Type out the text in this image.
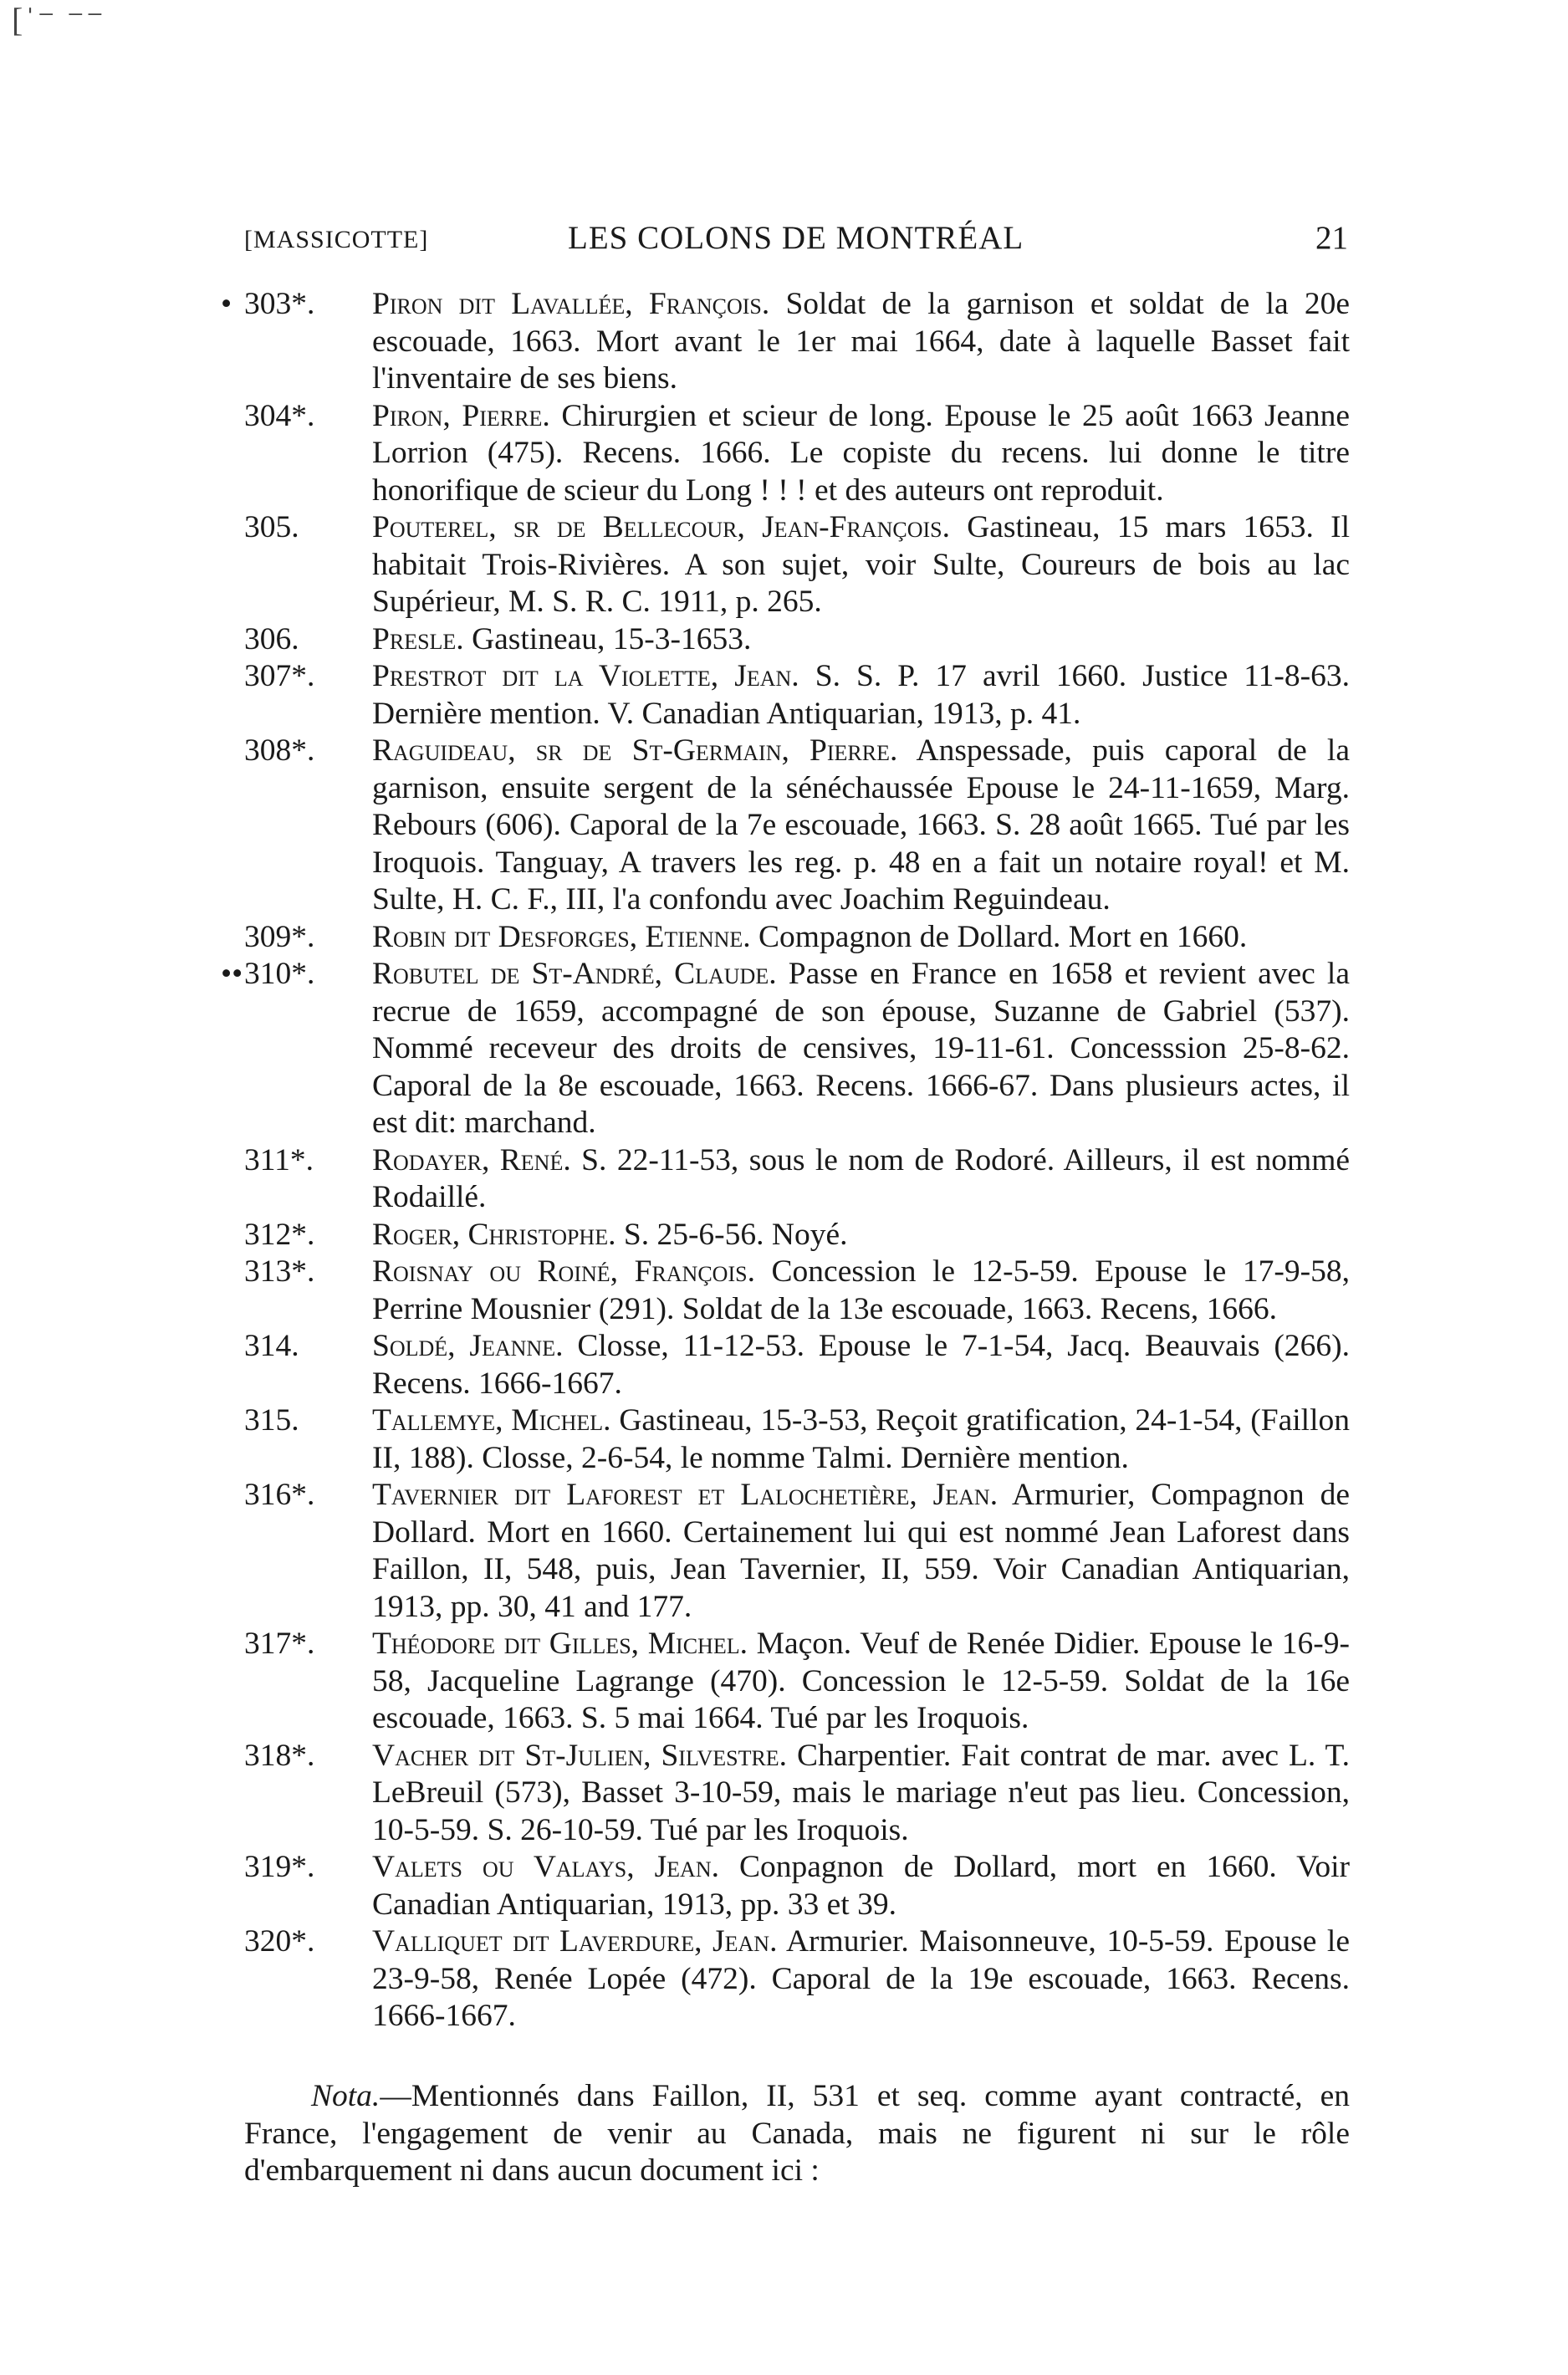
[ˈ⁻ ⁻⁻
[MASSICOTTE]	LES COLONS DE MONTRÉAL	21
• 303*.	Piron dit Lavallée, François. Soldat de la garnison et soldat de la 20e escouade, 1663. Mort avant le 1er mai 1664, date à laquelle Basset fait l'inventaire de ses biens.
304*.	Piron, Pierre. Chirurgien et scieur de long. Epouse le 25 août 1663 Jeanne Lorrion (475). Recens. 1666. Le copiste du recens. lui donne le titre honorifique de scieur du Long ! ! ! et des auteurs ont reproduit.
305.	Pouterel, sr de Bellecour, Jean-François. Gastineau, 15 mars 1653. Il habitait Trois-Rivières. A son sujet, voir Sulte, Coureurs de bois au lac Supérieur, M. S. R. C. 1911, p. 265.
306.	Presle. Gastineau, 15-3-1653.
307*.	Prestrot dit la Violette, Jean. S. S. P. 17 avril 1660. Justice 11-8-63. Dernière mention. V. Canadian Antiquarian, 1913, p. 41.
308*.	Raguideau, sr de St-Germain, Pierre. Anspessade, puis caporal de la garnison, ensuite sergent de la sénéchaussée Epouse le 24-11-1659, Marg. Rebours (606). Caporal de la 7e escouade, 1663. S. 28 août 1665. Tué par les Iroquois. Tanguay, A travers les reg. p. 48 en a fait un notaire royal! et M. Sulte, H. C. F., III, l'a confondu avec Joachim Reguindeau.
309*.	Robin dit Desforges, Etienne. Compagnon de Dollard. Mort en 1660.
•• 310*.	Robutel de St-André, Claude. Passe en France en 1658 et revient avec la recrue de 1659, accompagné de son épouse, Suzanne de Gabriel (537). Nommé receveur des droits de censives, 19-11-61. Concesssion 25-8-62. Caporal de la 8e escouade, 1663. Recens. 1666-67. Dans plusieurs actes, il est dit: marchand.
311*.	Rodayer, René. S. 22-11-53, sous le nom de Rodoré. Ailleurs, il est nommé Rodaillé.
312*.	Roger, Christophe. S. 25-6-56. Noyé.
313*.	Roisnay ou Roiné, François. Concession le 12-5-59. Epouse le 17-9-58, Perrine Mousnier (291). Soldat de la 13e escouade, 1663. Recens, 1666.
314.	Soldé, Jeanne. Closse, 11-12-53. Epouse le 7-1-54, Jacq. Beauvais (266). Recens. 1666-1667.
315.	Tallemye, Michel. Gastineau, 15-3-53, Reçoit gratification, 24-1-54, (Faillon II, 188). Closse, 2-6-54, le nomme Talmi. Dernière mention.
316*.	Tavernier dit Laforest et Lalochetière, Jean. Armurier, Compagnon de Dollard. Mort en 1660. Certainement lui qui est nommé Jean Laforest dans Faillon, II, 548, puis, Jean Tavernier, II, 559. Voir Canadian Antiquarian, 1913, pp. 30, 41 and 177.
317*.	Théodore dit Gilles, Michel. Maçon. Veuf de Renée Didier. Epouse le 16-9-58, Jacqueline Lagrange (470). Concession le 12-5-59. Soldat de la 16e escouade, 1663. S. 5 mai 1664. Tué par les Iroquois.
318*.	Vacher dit St-Julien, Silvestre. Charpentier. Fait contrat de mar. avec L. T. LeBreuil (573), Basset 3-10-59, mais le mariage n'eut pas lieu. Concession, 10-5-59. S. 26-10-59. Tué par les Iroquois.
319*.	Valets ou Valays, Jean. Conpagnon de Dollard, mort en 1660. Voir Canadian Antiquarian, 1913, pp. 33 et 39.
320*.	Valliquet dit Laverdure, Jean. Armurier. Maisonneuve, 10-5-59. Epouse le 23-9-58, Renée Lopée (472). Caporal de la 19e escouade, 1663. Recens. 1666-1667.
Nota.—Mentionnés dans Faillon, II, 531 et seq. comme ayant contracté, en France, l'engagement de venir au Canada, mais ne figurent ni sur le rôle d'embarquement ni dans aucun document ici :
